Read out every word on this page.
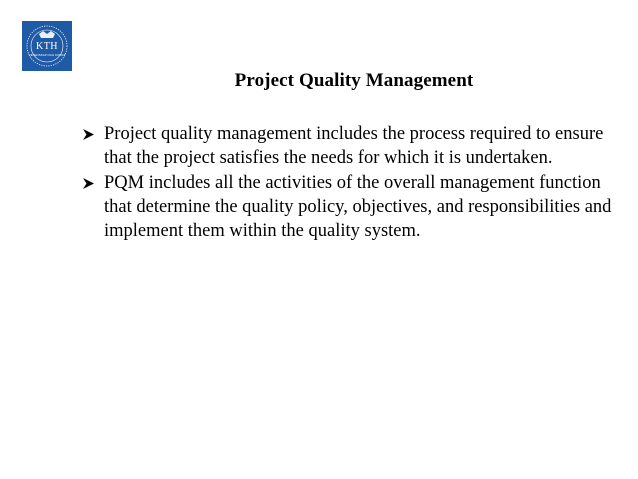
KTH
VETENSKAP OCH KONST
Project Quality Management
Project quality management includes the process required to ensure that the project satisfies the needs for which it is undertaken.
PQM includes all the activities of the overall management function that determine the quality policy, objectives, and responsibilities and implement them within the quality system.
